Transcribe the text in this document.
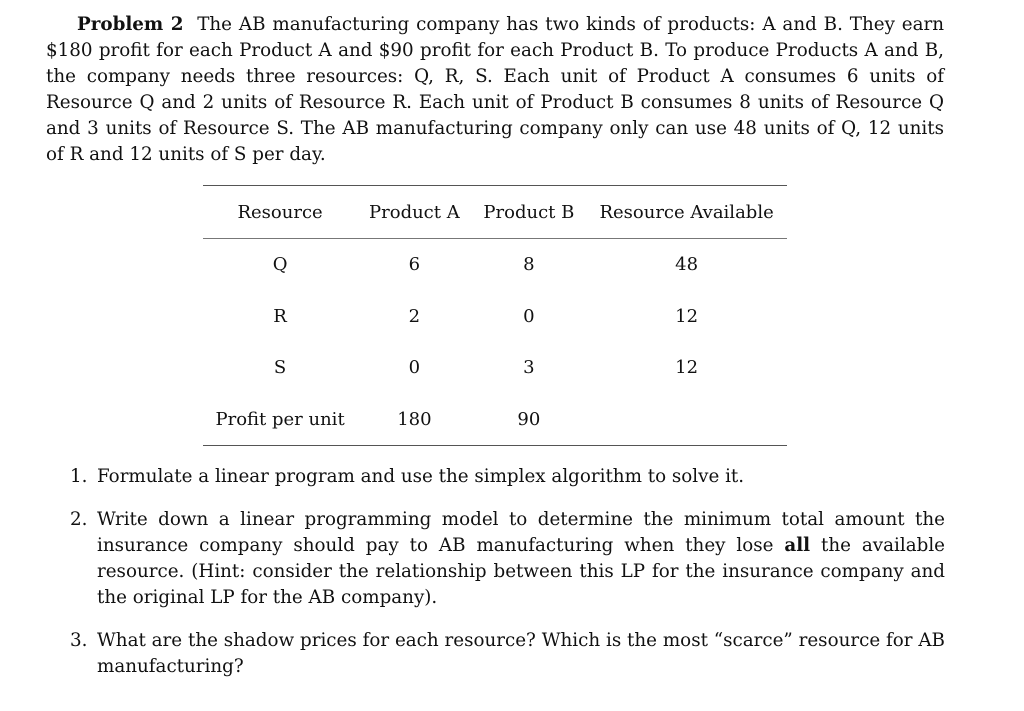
Problem 2 The AB manufacturing company has two kinds of products: A and B. They earn $180 profit for each Product A and $90 profit for each Product B. To produce Products A and B, the company needs three resources: Q, R, S. Each unit of Product A consumes 6 units of Resource Q and 2 units of Resource R. Each unit of Product B consumes 8 units of Resource Q and 3 units of Resource S. The AB manufacturing company only can use 48 units of Q, 12 units of R and 12 units of S per day.

Resource	Product A	Product B	Resource Available
Q	6	8	48
R	2	0	12
S	0	3	12
Profit per unit	180	90	
1. Formulate a linear program and use the simplex algorithm to solve it.
2. Write down a linear programming model to determine the minimum total amount the insurance company should pay to AB manufacturing when they lose all the available resource. (Hint: consider the relationship between this LP for the insurance company and the original LP for the AB company).
3. What are the shadow prices for each resource? Which is the most “scarce” resource for AB manufacturing?
